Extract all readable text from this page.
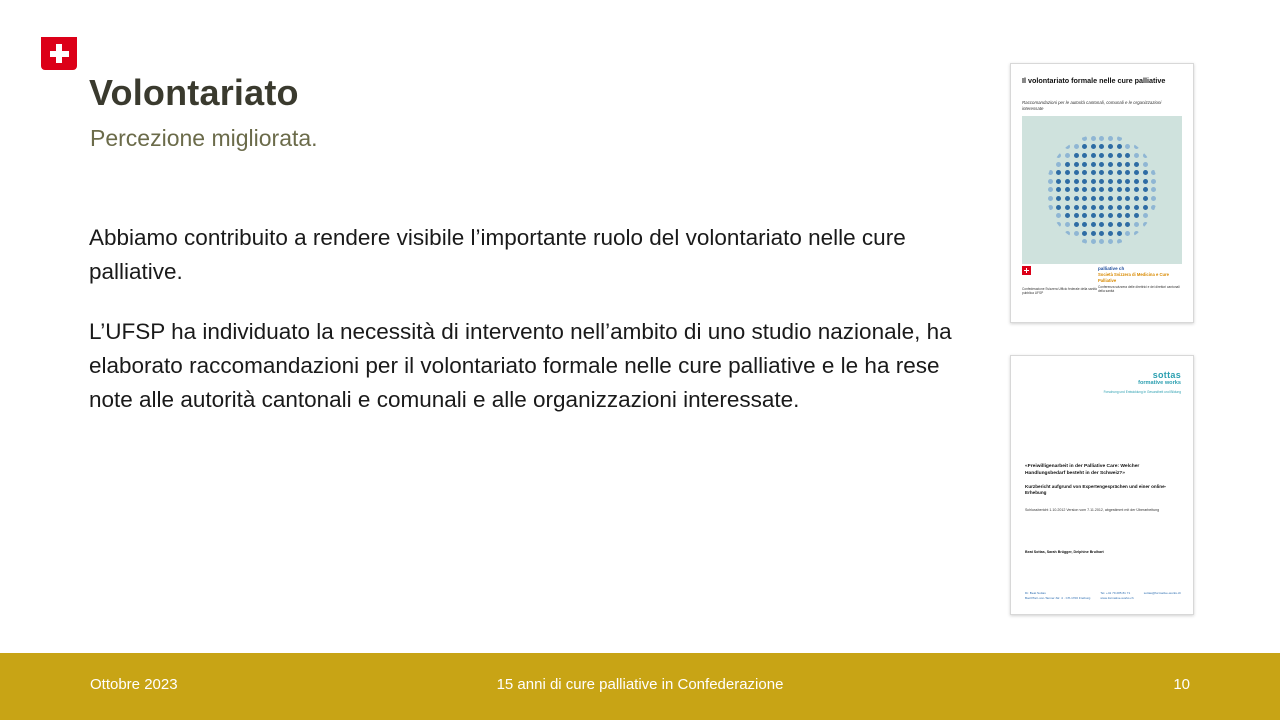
Volontariato
Percezione migliorata.

Abbiamo contribuito a rendere visibile l’importante ruolo del volontariato nelle cure palliative.

L’UFSP ha individuato la necessità di intervento nell’ambito di uno studio nazionale, ha elaborato raccomandazioni per il volontariato formale nelle cure palliative e le ha rese note alle autorità cantonali e comunali e alle organizzazioni interessate.

Il volontariato formale nelle cure palliative
Raccomandazioni per le autorità cantonali, comunali e le organizzazioni interessate
Confederazione Svizzera Ufficio federale della sanità pubblica UFSP
palliative ch
Società Svizzera di Medicina e Cure Palliative
Conferenza svizzera delle direttrici e dei direttori cantonali della sanità
sottas
formative works
Forschung und Entwicklung in Gesundheit und Bildung
«Freiwilligenarbeit in der Palliative Care: Welcher Handlungsbedarf besteht in der Schweiz?»
Kurzbericht aufgrund von Expertengesprächen und einer online-Erhebung
Schlussbericht 1.10.2012 Version vom 7.11.2012, abgestimmt mit der Überarbeitung
Beat Sottas, Sarah Brügger, Delphine Brulhart
Dr. Beat Sottas
Bad Pfarr-von-Tanner-Str. 4 · CH-1700 Freiburg
Tel. +41 79 285 81 71
www.formative-works.ch
sottas@formative-works.ch
Ottobre 2023	15 anni di cure palliative in Confederazione	10
